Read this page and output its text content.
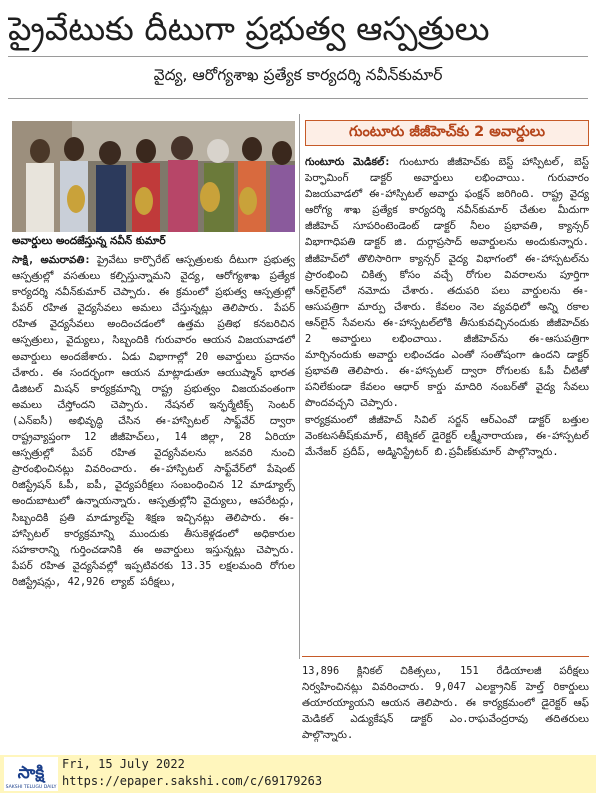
ప్రైవేటుకు దీటుగా ప్రభుత్వ ఆస్పత్రులు
వైద్య, ఆరోగ్యశాఖ ప్రత్యేక కార్యదర్శి నవీన్‌కుమార్
అవార్డులు అందజేస్తున్న నవీన్ కుమార్

సాక్షి, అమరావతి: ప్రైవేటు కార్పొరేట్ ఆస్పత్రులకు దీటుగా ప్రభుత్వ ఆస్పత్రుల్లో వసతులు కల్పిస్తున్నామని వైద్య, ఆరోగ్యశాఖ ప్రత్యేక కార్యదర్శి నవీన్‌కుమార్ చెప్పారు. ఈ క్రమంలో ప్రభుత్వ ఆస్పత్రుల్లో పేపర్ రహిత వైద్యసేవలు అమలు చేస్తున్నట్లు తెలిపారు. పేపర్ రహిత వైద్యసేవలు అందించడంలో ఉత్తమ ప్రతిభ కనబరిచిన ఆస్పత్రులు, వైద్యులు, సిబ్బందికి గురువారం ఆయన విజయవాడలో అవార్డులు అందజేశారు. ఏడు విభాగాల్లో 20 అవార్డులు ప్రదానం చేశారు. ఈ సందర్భంగా ఆయన మాట్లాడుతూ ఆయుష్మాన్ భారత డిజిటల్ మిషన్ కార్యక్రమాన్ని రాష్ట్ర ప్రభుత్వం విజయవంతంగా అమలు చేస్తోందని చెప్పారు. నేషనల్ ఇన్ఫర్మేటిక్స్ సెంటర్ (ఎన్‌ఐసీ) అభివృద్ధి చేసిన ఈ-హాస్పిటల్ సాఫ్ట్‌వేర్ ద్వారా రాష్ట్రవ్యాప్తంగా 12 జీజీహెచ్‌లు, 14 జిల్లా, 28 ఏరియా ఆస్పత్రుల్లో పేపర్ రహిత వైద్యసేవలను జనవరి నుంచి ప్రారంభించినట్లు వివరించారు. ఈ-హాస్పిటల్ సాఫ్ట్‌వేర్‌లో పేషెంట్ రిజిస్ట్రేషన్ ఓపీ, ఐపీ, వైద్యపరీక్షలు సంబంధించిన 12 మాడ్యూల్స్ అందుబాటులో ఉన్నాయన్నారు. ఆస్పత్రుల్లోని వైద్యులు, ఆపరేటర్లు, సిబ్బందికి ప్రతి మాడ్యూల్‌పై శిక్షణ ఇచ్చినట్లు తెలిపారు. ఈ-హాస్పిటల్ కార్యక్రమాన్ని ముందుకు తీసుకెళ్లడంలో అధికారుల సహకారాన్ని గుర్తించడానికి ఈ అవార్డులు ఇస్తున్నట్లు చెప్పారు. పేపర్ రహిత వైద్యసేవల్లో ఇప్పటివరకు 13.35 లక్షలమంది రోగుల రిజిస్ట్రేషన్లు, 42,926 ల్యాబ్ పరీక్షలు,

13,896 క్లినికల్ చికిత్సలు, 151 రేడియాలజీ పరీక్షలు నిర్వహించినట్లు వివరించారు. 9,047 ఎలక్ట్రానిక్ హెల్త్ రికార్డులు తయారయ్యాయని ఆయన తెలిపారు. ఈ కార్యక్రమంలో డైరెక్టర్ ఆఫ్ మెడికల్ ఎడ్యుకేషన్ డాక్టర్ ఎం.రాఘవేంద్రరావు తదితరులు పాల్గొన్నారు.

గుంటూరు జీజీహెచ్‌కు 2 అవార్డులు

గుంటూరు మెడికల్: గుంటూరు జీజీహెచ్‌కు బెస్ట్ హాస్పిటల్, బెస్ట్ పెర్ఫామింగ్ డాక్టర్ అవార్డులు లభించాయి. గురువారం విజయవాడలో ఈ-హాస్పిటల్ అవార్డు ఫంక్షన్ జరిగింది. రాష్ట్ర వైద్య ఆరోగ్య శాఖ ప్రత్యేక కార్యదర్శి నవీన్‌కుమార్ చేతుల మీదుగా జీజీహెచ్ సూపరింటెండెంట్ డాక్టర్ నీలం ప్రభావతి, క్యాన్సర్ విభాగాధిపతి డాక్టర్ జి. దుర్గాప్రసాద్ అవార్డులను అందుకున్నారు. జీజీహెచ్‌లో తొలిసారిగా క్యాన్సర్ వైద్య విభాగంలో ఈ-హాస్పటల్‌ను ప్రారంభించి చికిత్స కోసం వచ్చే రోగుల వివరాలను పూర్తిగా ఆన్‌లైన్‌లో నమోదు చేశారు. తదుపరి పలు వార్డులను ఈ-ఆసుపత్రిగా మార్పు చేశారు. కేవలం నెల వ్యవధిలో అన్ని రకాల ఆన్‌లైన్ సేవలను ఈ-హాస్పటల్‌లోకి తీసుకువచ్చినందుకు జీజీహెచ్‌కు 2 అవార్డులు లభించాయి. జీజీహెచ్‌ను ఈ-ఆసుపత్రిగా మార్చినందుకు అవార్డు లభించడం ఎంతో సంతోషంగా ఉందని డాక్టర్ ప్రభావతి తెలిపారు. ఈ-హాస్పటల్ ద్వారా రోగులకు ఓపీ చీటితో పనిలేకుండా కేవలం ఆధార్ కార్డు మాదిరి నంబర్‌తో వైద్య సేవలు పొందవచ్చని చెప్పారు.

కార్యక్రమంలో జీజీహెచ్ సివిల్ సర్జన్ ఆర్‌ఎంవో డాక్టర్ బత్తుల వెంకటసతీష్‌కుమార్, టెక్నికల్ డైరెక్టర్ లక్ష్మీనారాయణ, ఈ-హాస్పటల్ మేనేజర్ ప్రదీప్, అడ్మినిస్ట్రేటర్ బి.ప్రవీణ్‌కుమార్ పాల్గొన్నారు.

సాక్షి
SAKSHI TELUGU DAILY
Fri, 15 July 2022
https://epaper.sakshi.com/c/69179263
